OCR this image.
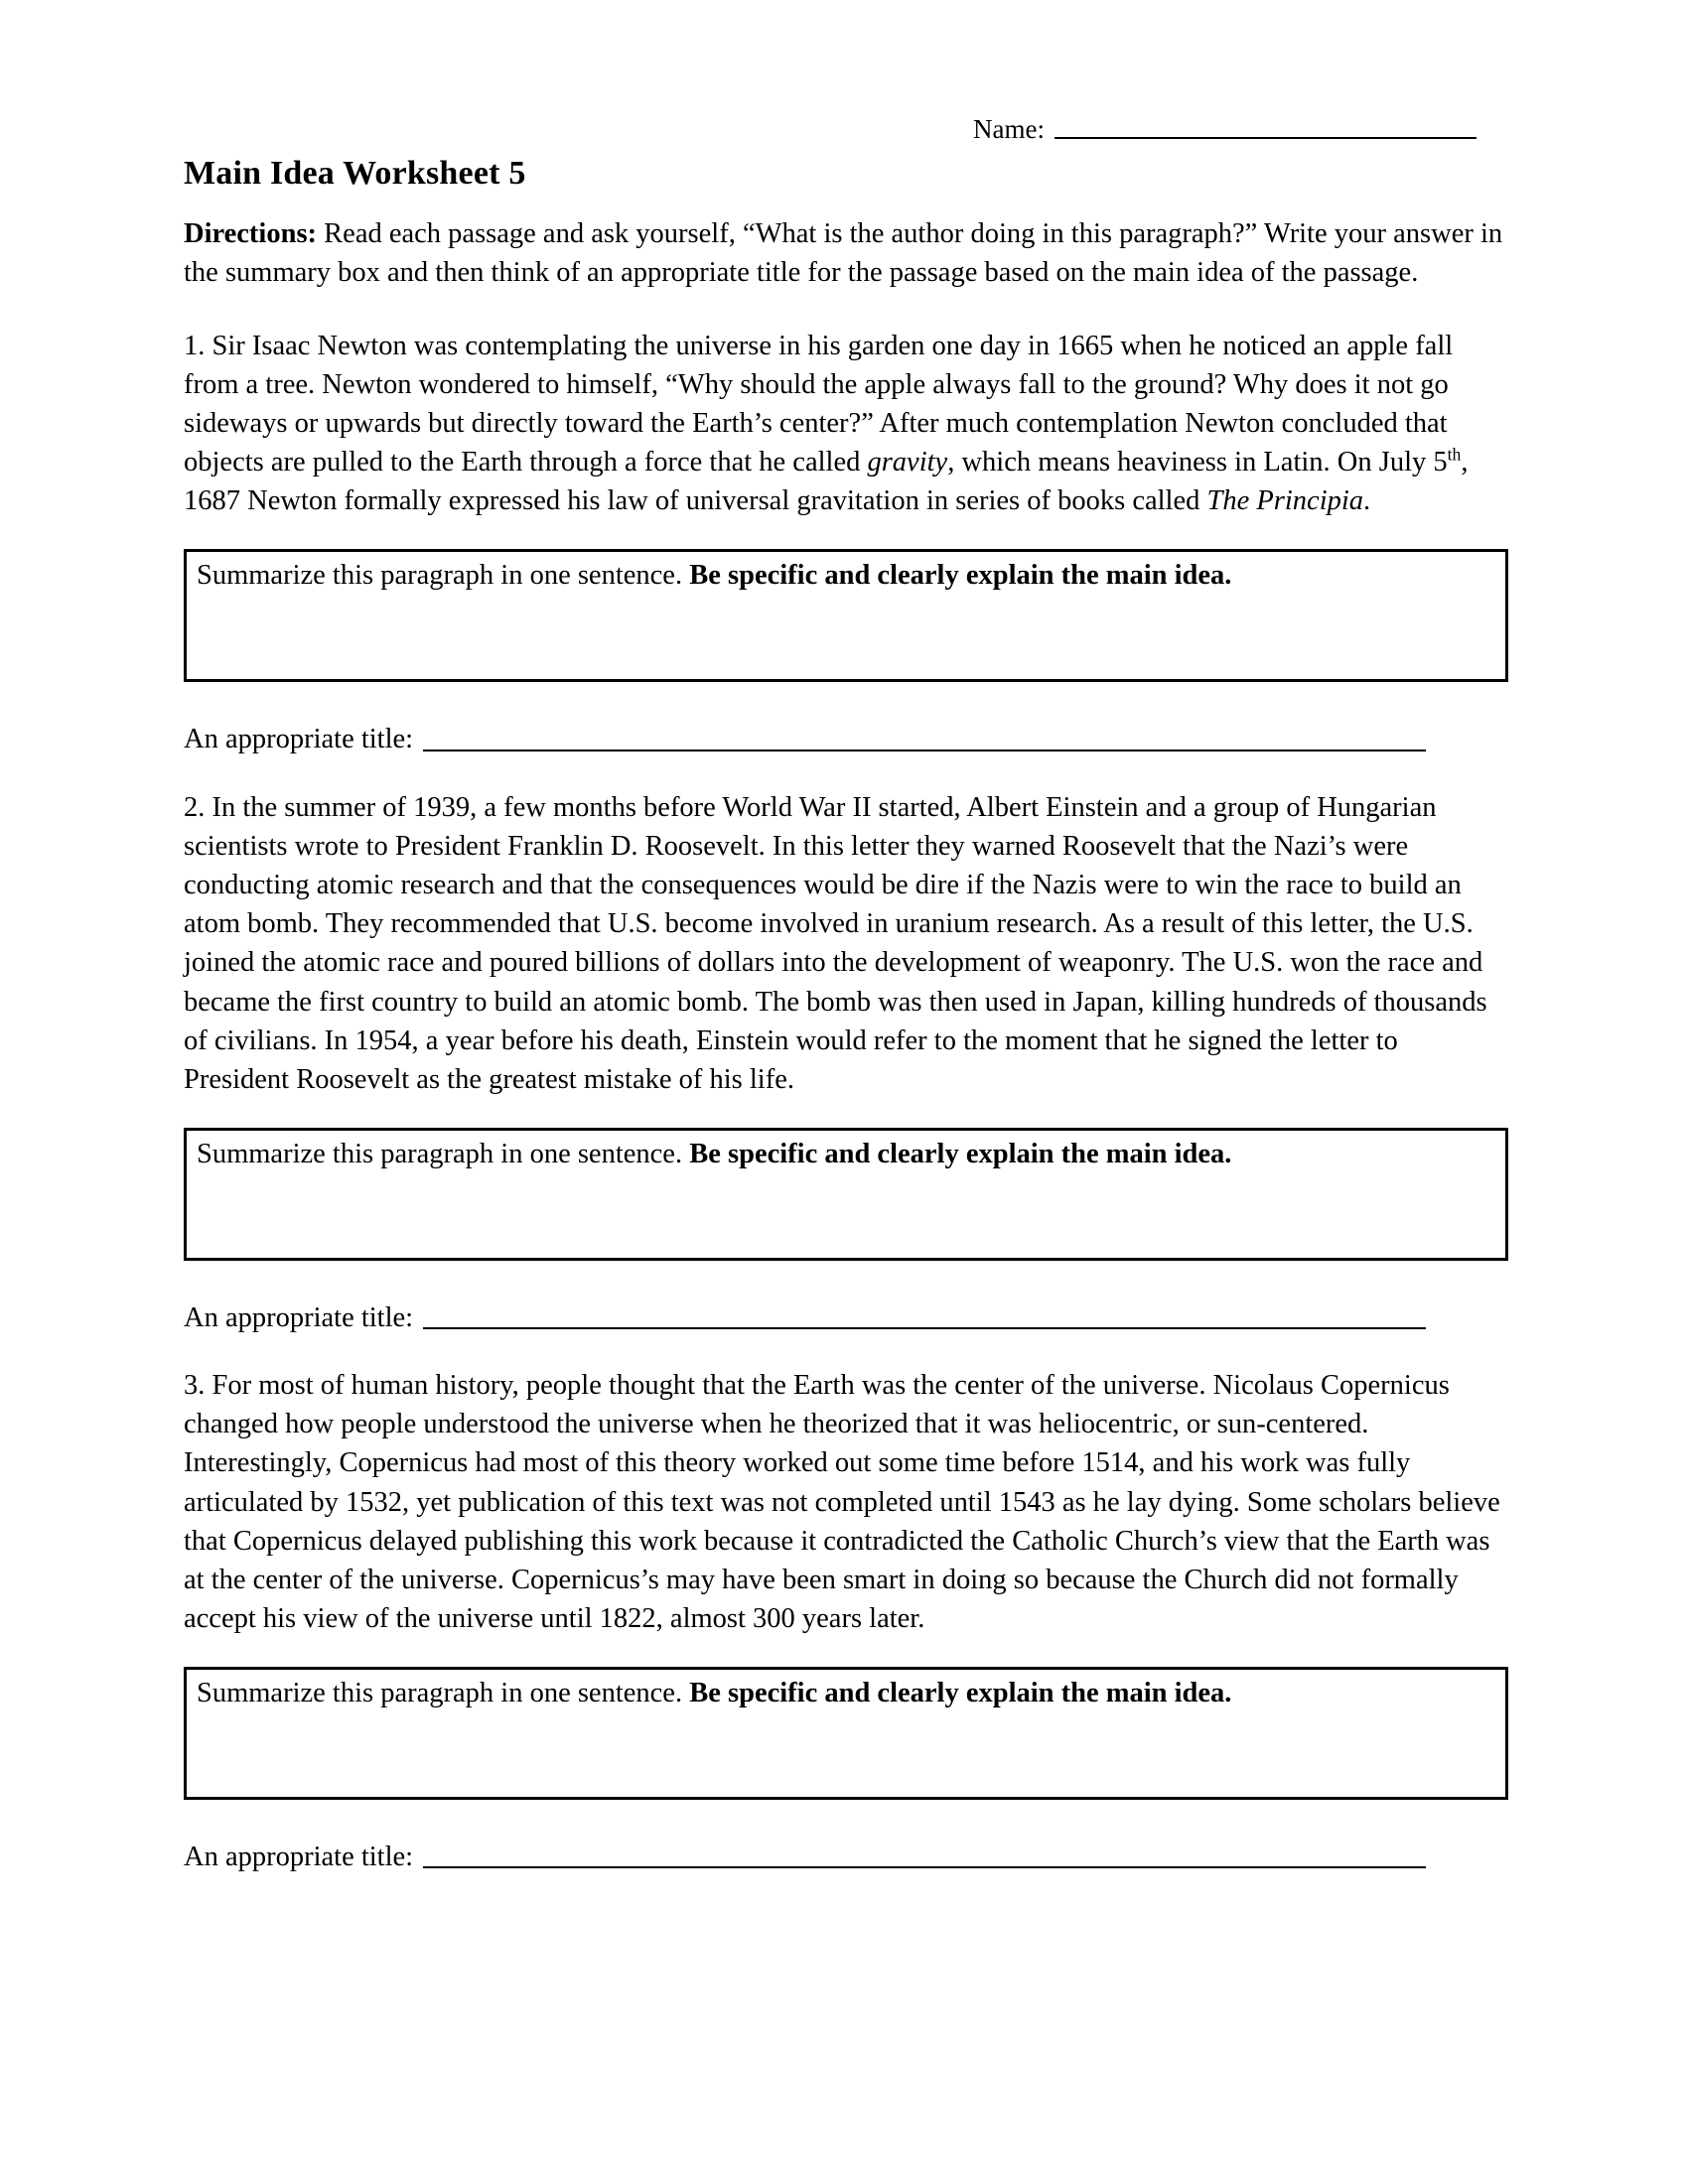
Name:
Main Idea Worksheet 5

Directions: Read each passage and ask yourself, “What is the author doing in this paragraph?” Write your answer in the summary box and then think of an appropriate title for the passage based on the main idea of the passage.

1. Sir Isaac Newton was contemplating the universe in his garden one day in 1665 when he noticed an apple fall from a tree. Newton wondered to himself, “Why should the apple always fall to the ground? Why does it not go sideways or upwards but directly toward the Earth’s center?” After much contemplation Newton concluded that objects are pulled to the Earth through a force that he called gravity, which means heaviness in Latin. On July 5th, 1687 Newton formally expressed his law of universal gravitation in series of books called The Principia.

Summarize this paragraph in one sentence. Be specific and clearly explain the main idea.
An appropriate title:

2. In the summer of 1939, a few months before World War II started, Albert Einstein and a group of Hungarian scientists wrote to President Franklin D. Roosevelt. In this letter they warned Roosevelt that the Nazi’s were conducting atomic research and that the consequences would be dire if the Nazis were to win the race to build an atom bomb. They recommended that U.S. become involved in uranium research. As a result of this letter, the U.S. joined the atomic race and poured billions of dollars into the development of weaponry. The U.S. won the race and became the first country to build an atomic bomb. The bomb was then used in Japan, killing hundreds of thousands of civilians. In 1954, a year before his death, Einstein would refer to the moment that he signed the letter to President Roosevelt as the greatest mistake of his life.

Summarize this paragraph in one sentence. Be specific and clearly explain the main idea.
An appropriate title:

3. For most of human history, people thought that the Earth was the center of the universe. Nicolaus Copernicus changed how people understood the universe when he theorized that it was heliocentric, or sun-centered. Interestingly, Copernicus had most of this theory worked out some time before 1514, and his work was fully articulated by 1532, yet publication of this text was not completed until 1543 as he lay dying. Some scholars believe that Copernicus delayed publishing this work because it contradicted the Catholic Church’s view that the Earth was at the center of the universe. Copernicus’s may have been smart in doing so because the Church did not formally accept his view of the universe until 1822, almost 300 years later.

Summarize this paragraph in one sentence. Be specific and clearly explain the main idea.
An appropriate title:
